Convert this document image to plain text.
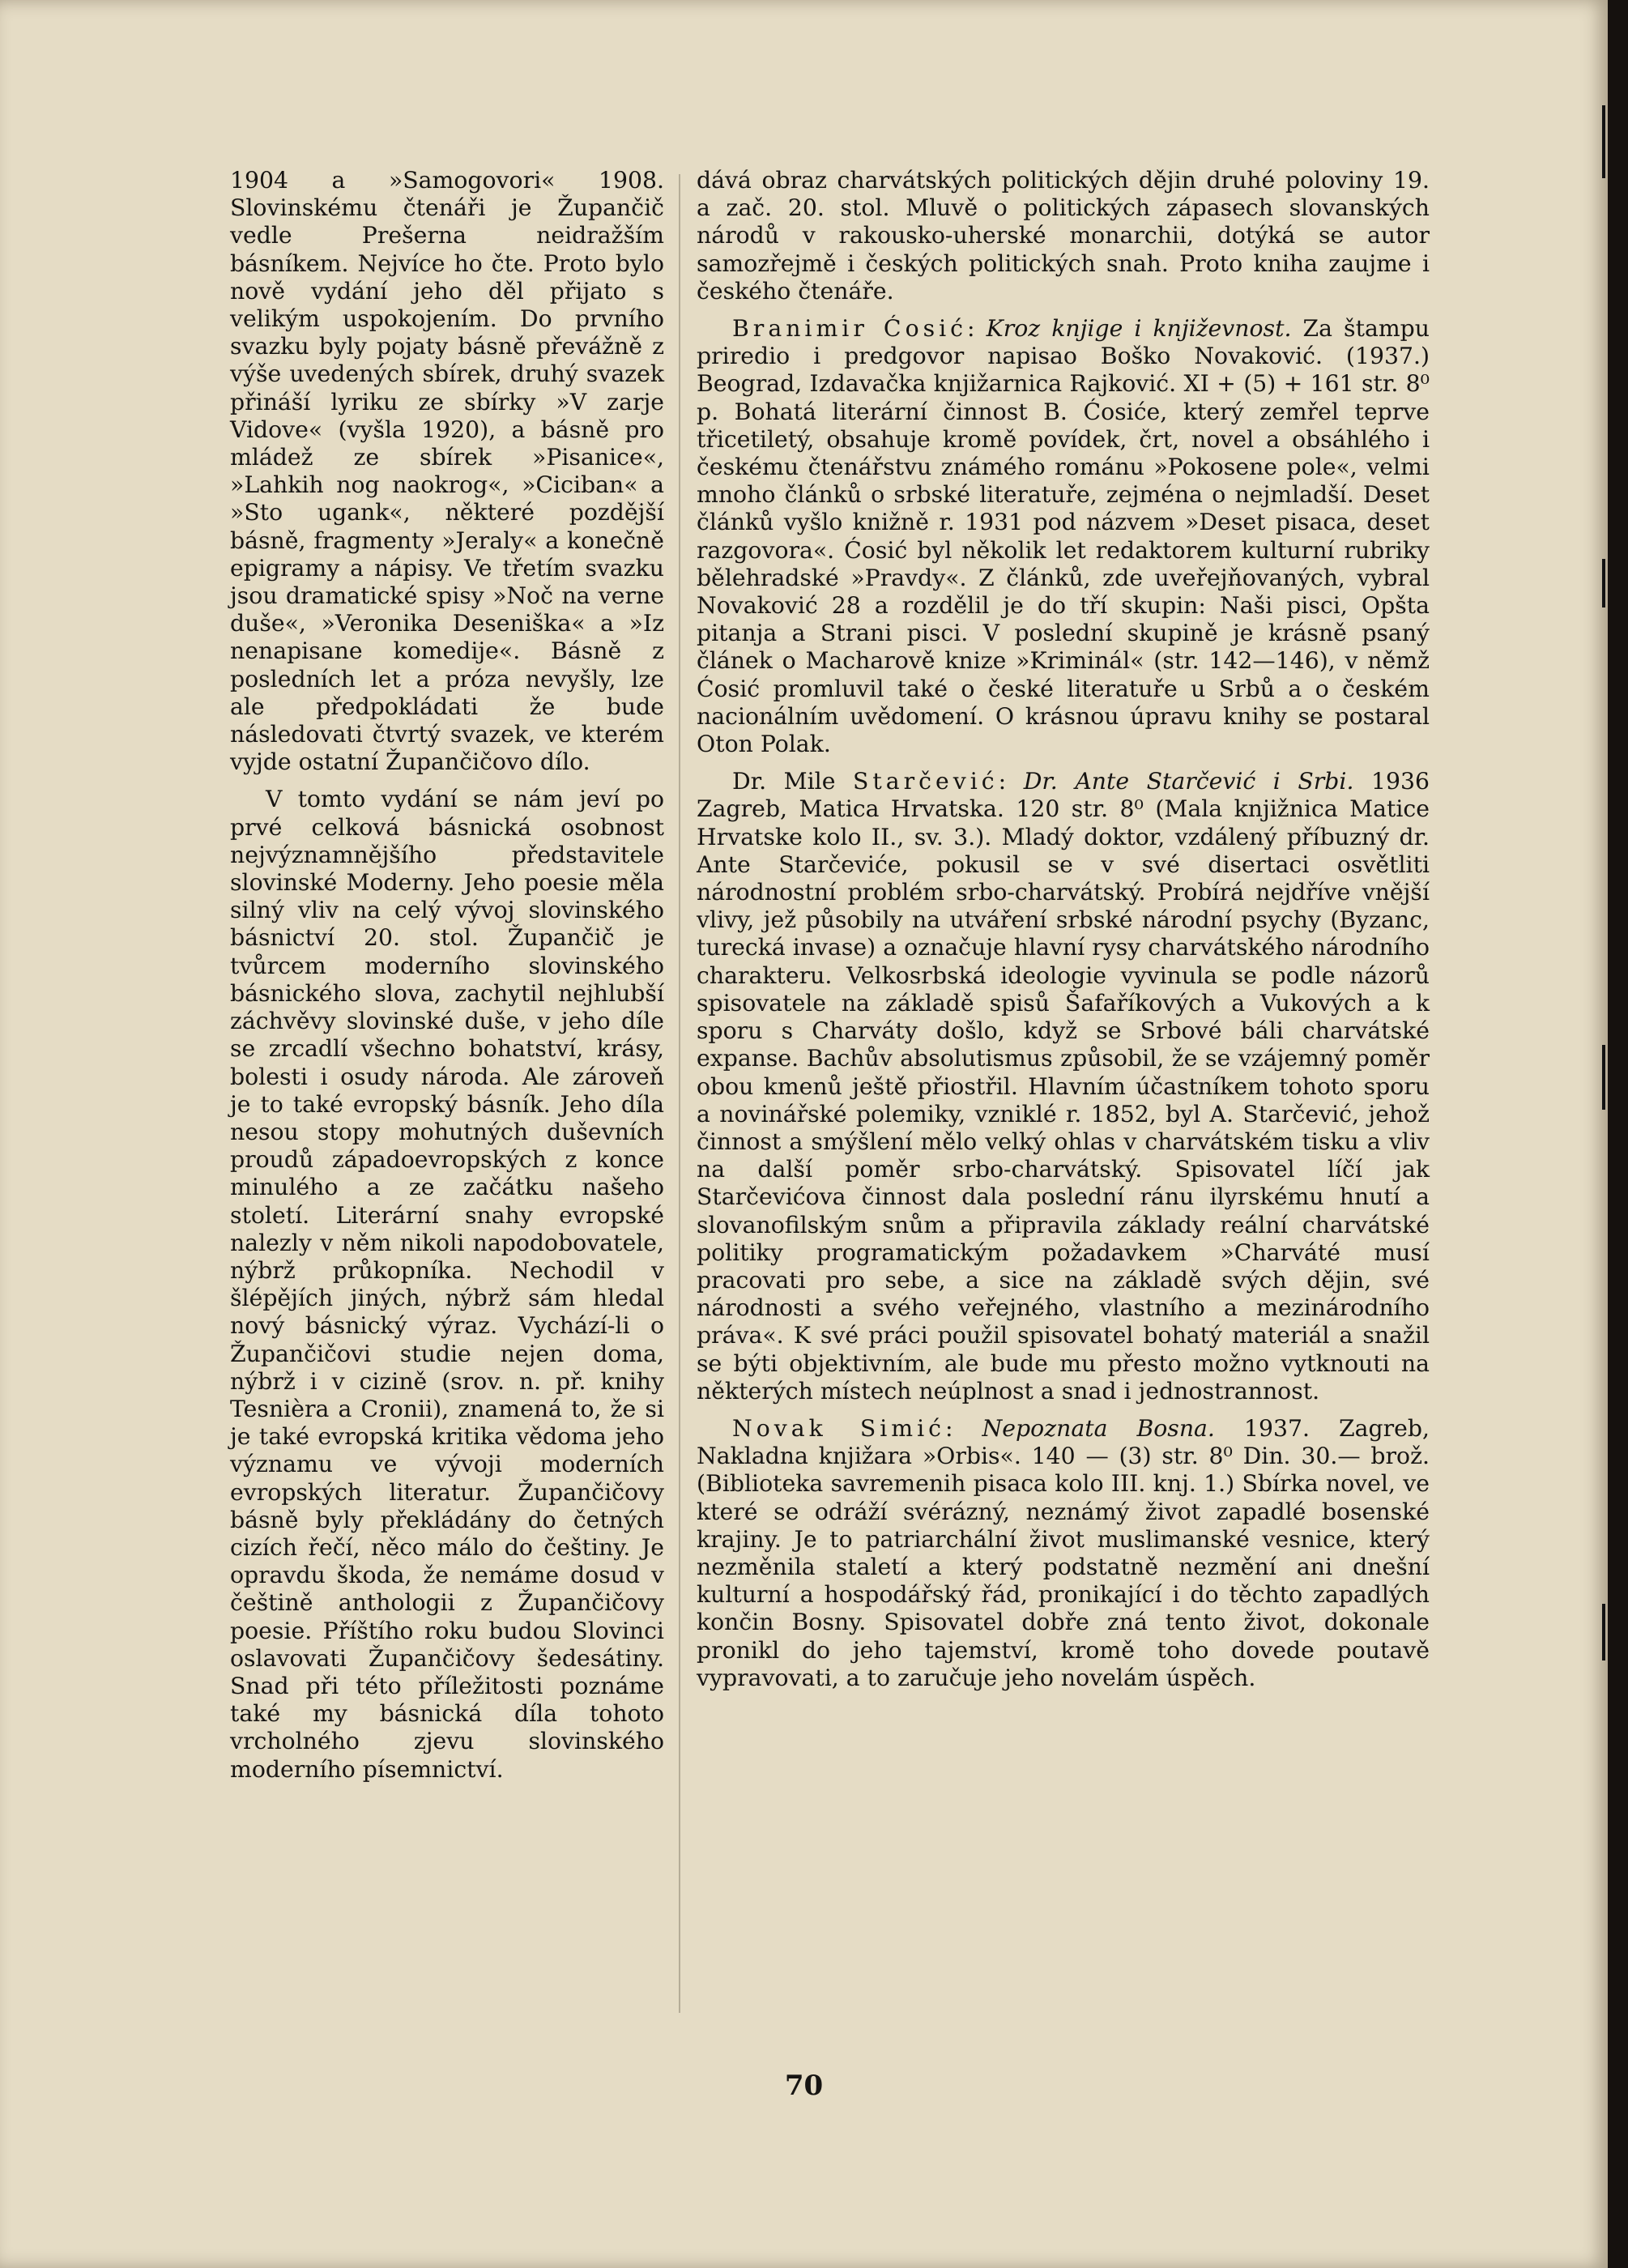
1904 a »Samogovori« 1908. Slovinskému čtenáři je Župančič vedle Prešerna neidražším básníkem. Nejvíce ho čte. Proto bylo nově vydání jeho děl přijato s velikým uspokojením. Do prvního svazku byly pojaty básně převážně z výše uvedených sbírek, druhý svazek přináší lyriku ze sbírky »V zarje Vidove« (vyšla 1920), a básně pro mládež ze sbírek »Pisanice«, »Lahkih nog naokrog«, »Ciciban« a »Sto ugank«, některé pozdější básně, fragmenty »Jeraly« a konečně epigramy a nápisy. Ve třetím svazku jsou dramatické spisy »Noč na verne duše«, »Veronika Deseniška« a »Iz nenapisane komedije«. Básně z posledních let a próza nevyšly, lze ale předpokládati že bude následovati čtvrtý svazek, ve kterém vyjde ostatní Župančičovo dílo.

V tomto vydání se nám jeví po prvé celková básnická osobnost nejvýznamnějšího představitele slovinské Moderny. Jeho poesie měla silný vliv na celý vývoj slovinského básnictví 20. stol. Župančič je tvůrcem moderního slovinského básnického slova, zachytil nejhlubší záchvěvy slovinské duše, v jeho díle se zrcadlí všechno bohatství, krásy, bolesti i osudy národa. Ale zároveň je to také evropský básník. Jeho díla nesou stopy mohutných duševních proudů západoevropských z konce minulého a ze začátku našeho století. Literární snahy evropské nalezly v něm nikoli napodobovatele, nýbrž průkopníka. Nechodil v šlépějích jiných, nýbrž sám hledal nový básnický výraz. Vychází-li o Župančičovi studie nejen doma, nýbrž i v cizině (srov. n. př. knihy Tesnièra a Cronii), znamená to, že si je také evropská kritika vědoma jeho významu ve vývoji moderních evropských literatur. Župančičovy básně byly překládány do četných cizích řečí, něco málo do češtiny. Je opravdu škoda, že nemáme dosud v češtině anthologii z Župančičovy poesie. Příštího roku budou Slovinci oslavovati Župančičovy šedesátiny. Snad při této příležitosti poznáme také my básnická díla tohoto vrcholného zjevu slovinského moderního písemnictví.

dává obraz charvátských politických dějin druhé poloviny 19. a zač. 20. stol. Mluvě o politických zápasech slovanských národů v rakousko-uherské monarchii, dotýká se autor samozřejmě i českých politických snah. Proto kniha zaujme i českého čtenáře.

Branimir Ćosić: Kroz knjige i književnost. Za štampu priredio i predgovor napisao Boško Novaković. (1937.) Beograd, Izdavačka knjižarnica Rajković. XI + (5) + 161 str. 8⁰ p. Bohatá literární činnost B. Ćosiće, který zemřel teprve třicetiletý, obsahuje kromě povídek, črt, novel a obsáhlého i českému čtenářstvu známého románu »Pokosene pole«, velmi mnoho článků o srbské literatuře, zejména o nejmladší. Deset článků vyšlo knižně r. 1931 pod názvem »Deset pisaca, deset razgovora«. Ćosić byl několik let redaktorem kulturní rubriky bělehradské »Pravdy«. Z článků, zde uveřejňovaných, vybral Novaković 28 a rozdělil je do tří skupin: Naši pisci, Opšta pitanja a Strani pisci. V poslední skupině je krásně psaný článek o Macharově knize »Kriminál« (str. 142—146), v němž Ćosić promluvil také o české literatuře u Srbů a o českém nacionálním uvědomení. O krásnou úpravu knihy se postaral Oton Polak.

Dr. Mile Starčević: Dr. Ante Starčević i Srbi. 1936 Zagreb, Matica Hrvatska. 120 str. 8⁰ (Mala knjižnica Matice Hrvatske kolo II., sv. 3.). Mladý doktor, vzdálený příbuzný dr. Ante Starčeviće, pokusil se v své disertaci osvětliti národnostní problém srbo-charvátský. Probírá nejdříve vnější vlivy, jež působily na utváření srbské národní psychy (Byzanc, turecká invase) a označuje hlavní rysy charvátského národního charakteru. Velkosrbská ideologie vyvinula se podle názorů spisovatele na základě spisů Šafaříkových a Vukových a k sporu s Charváty došlo, když se Srbové báli charvátské expanse. Bachův absolutismus způsobil, že se vzájemný poměr obou kmenů ještě přiostřil. Hlavním účastníkem tohoto sporu a novinářské polemiky, vzniklé r. 1852, byl A. Starčević, jehož činnost a smýšlení mělo velký ohlas v charvátském tisku a vliv na další poměr srbo-charvátský. Spisovatel líčí jak Starčevićova činnost dala poslední ránu ilyrskému hnutí a slovanofilským snům a připravila základy reální charvátské politiky programatickým požadavkem »Charváté musí pracovati pro sebe, a sice na základě svých dějin, své národnosti a svého veřejného, vlastního a mezinárodního práva«. K své práci použil spisovatel bohatý materiál a snažil se býti objektivním, ale bude mu přesto možno vytknouti na některých místech neúplnost a snad i jednostrannost.

Novak Simić: Nepoznata Bosna. 1937. Zagreb, Nakladna knjižara »Orbis«. 140 — (3) str. 8⁰ Din. 30.— brož. (Biblioteka savremenih pisaca kolo III. knj. 1.) Sbírka novel, ve které se odráží svérázný, neznámý život zapadlé bosenské krajiny. Je to patriarchální život muslimanské vesnice, který nezměnila staletí a který podstatně nezmění ani dnešní kulturní a hospodářský řád, pronikající i do těchto zapadlých končin Bosny. Spisovatel dobře zná tento život, dokonale pronikl do jeho tajemství, kromě toho dovede poutavě vypravovati, a to zaručuje jeho novelám úspěch.

70
